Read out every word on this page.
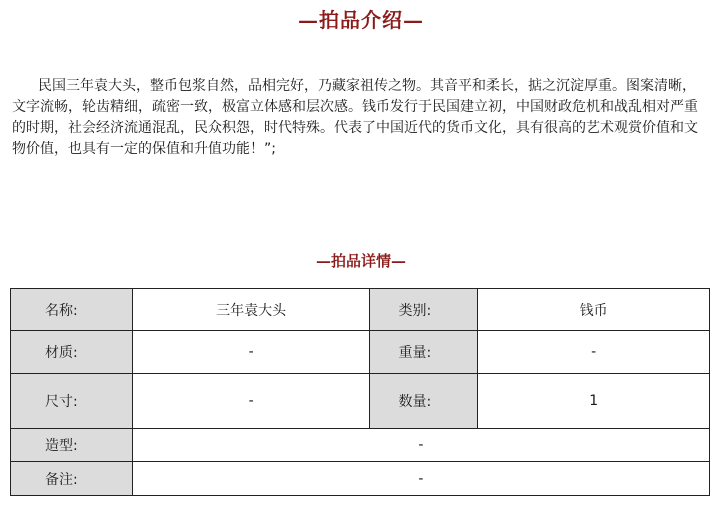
—拍品介绍—
民国三年袁大头，整币包浆自然，品相完好，乃藏家祖传之物。其音平和柔长，掂之沉淀厚重。图案清晰，文字流畅，轮齿精细，疏密一致，极富立体感和层次感。钱币发行于民国建立初，中国财政危机和战乱相对严重的时期，社会经济流通混乱，民众积怨，时代特殊。代表了中国近代的货币文化，具有很高的艺术观赏价值和文物价值，也具有一定的保值和升值功能！”;
—拍品详情—
名称:	三年袁大头	类别:	钱币
材质:	-	重量:	-
尺寸:	-	数量:	1
造型:	-		
备注:	-		
